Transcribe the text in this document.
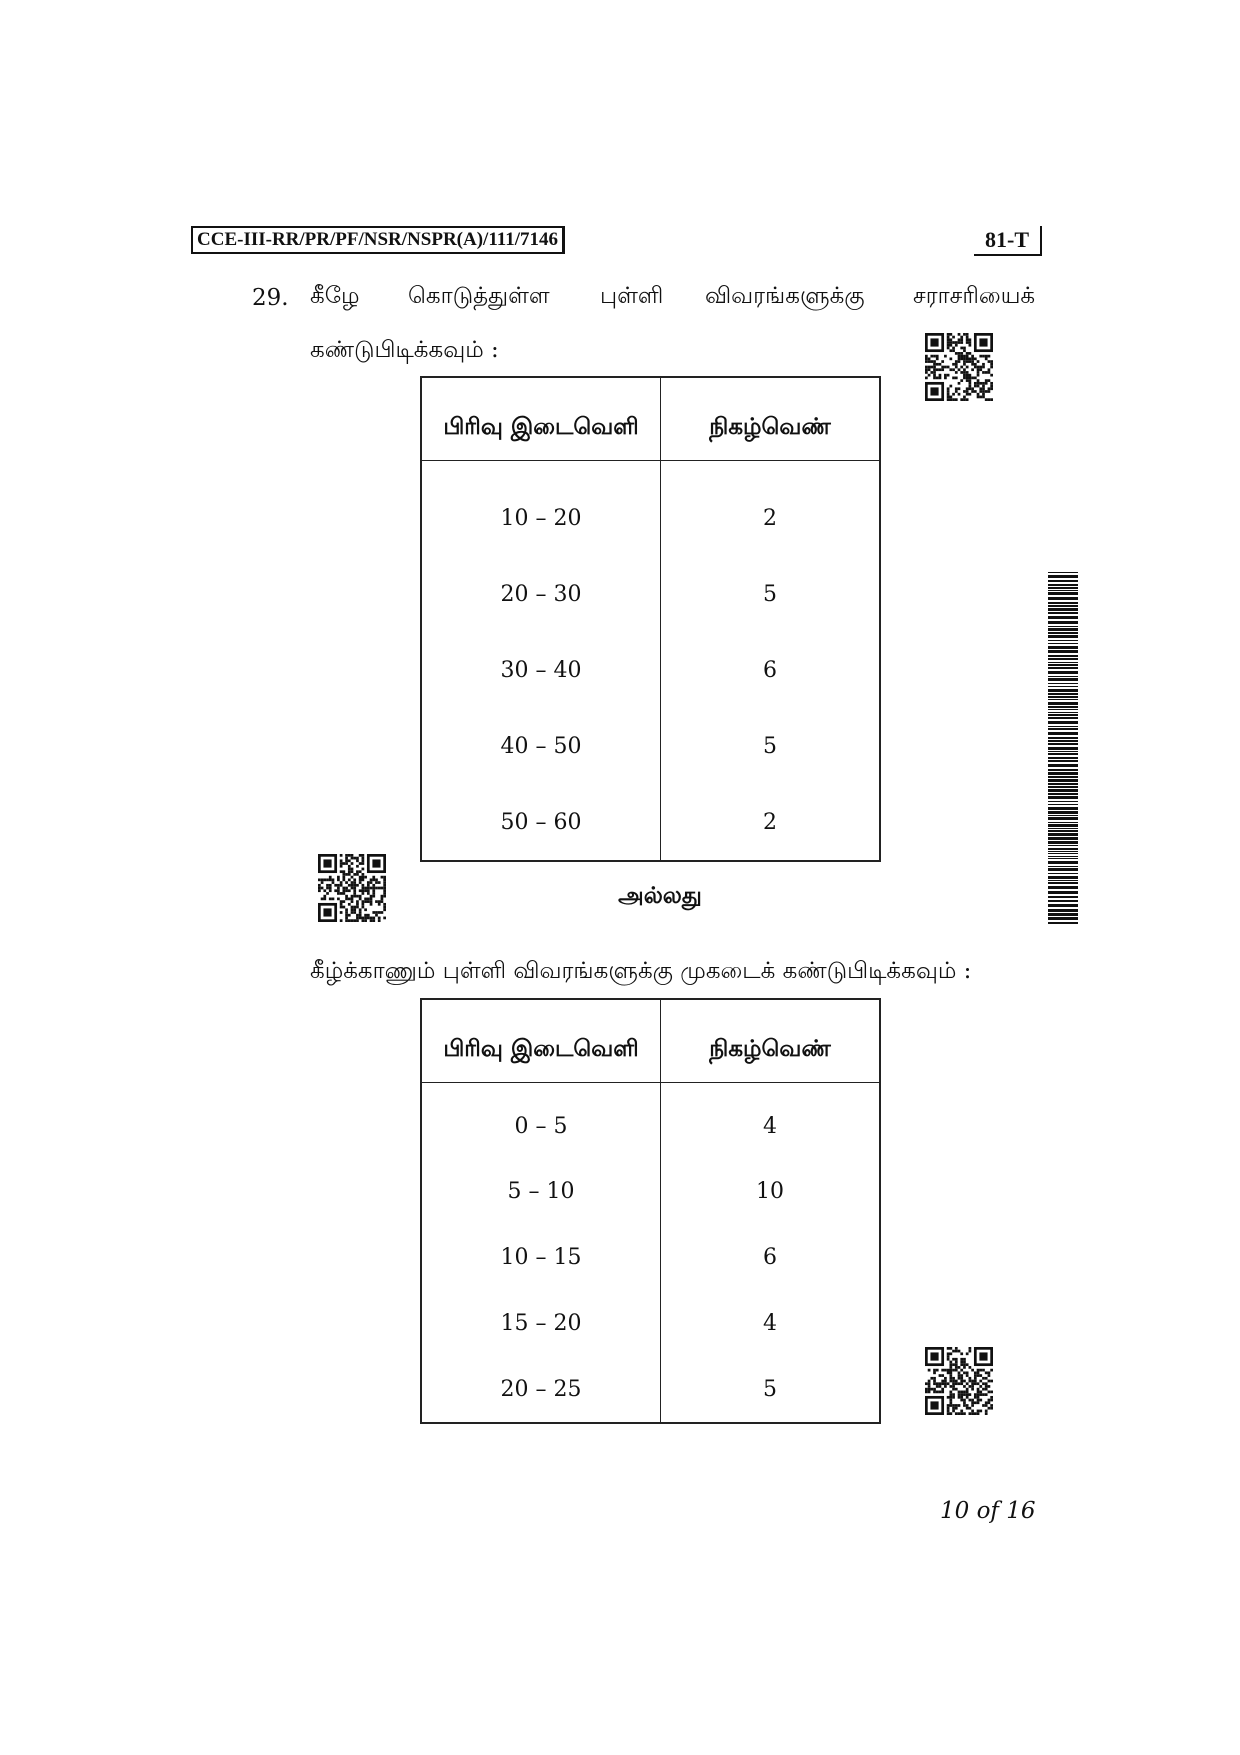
CCE-III-RR/PR/PF/NSR/NSPR(A)/111/7146	81-T
29. கீழே கொடுத்துள்ள புள்ளி விவரங்களுக்கு சராசரியைக்
கண்டுபிடிக்கவும் :
பிரிவு இடைவெளி	நிகழ்வெண்
10 – 20	2
20 – 30	5
30 – 40	6
40 – 50	5
50 – 60	2
அல்லது
கீழ்க்காணும் புள்ளி விவரங்களுக்கு முகடைக் கண்டுபிடிக்கவும் :
பிரிவு இடைவெளி	நிகழ்வெண்
0 – 5	4
5 – 10	10
10 – 15	6
15 – 20	4
20 – 25	5
10 of 16
